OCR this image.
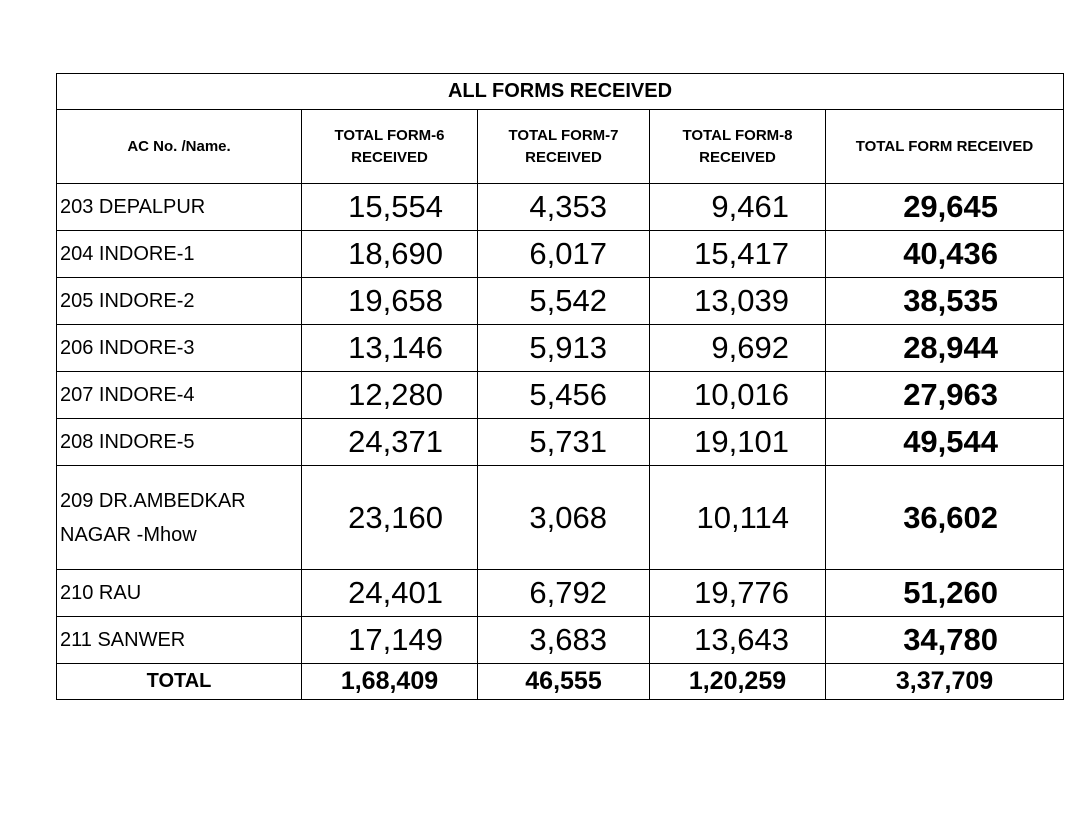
ALL FORMS RECEIVED				
AC No. /Name.	TOTAL FORM-6 RECEIVED	TOTAL FORM-7 RECEIVED	TOTAL FORM-8 RECEIVED	TOTAL FORM RECEIVED
203 DEPALPUR	15,554	4,353	9,461	29,645
204 INDORE-1	18,690	6,017	15,417	40,436
205 INDORE-2	19,658	5,542	13,039	38,535
206 INDORE-3	13,146	5,913	9,692	28,944
207 INDORE-4	12,280	5,456	10,016	27,963
208 INDORE-5	24,371	5,731	19,101	49,544

209 DR.AMBEDKAR
NAGAR -Mhow	23,160	3,068	10,114	36,602
210 RAU	24,401	6,792	19,776	51,260
211 SANWER	17,149	3,683	13,643	34,780
TOTAL	1,68,409	46,555	1,20,259	3,37,709
